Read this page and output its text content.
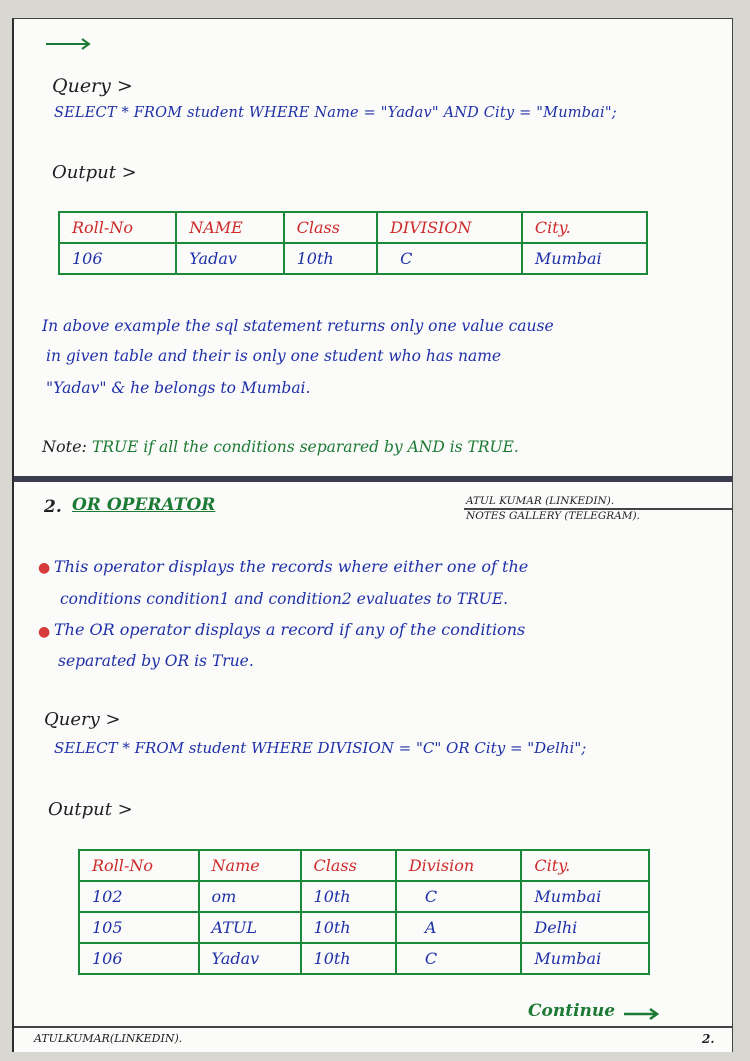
Query >
SELECT * FROM student WHERE Name = "Yadav" AND City = "Mumbai";
Output >
Roll-No	NAME	Class	DIVISION	City.
106	Yadav	10th	C	Mumbai
In above example the sql statement returns only one value cause
in given table and their is only one student who has name
"Yadav" & he belongs to Mumbai.
Note: TRUE if all the conditions separared by AND is TRUE.
2. OR OPERATOR	ATUL KUMAR (LINKEDIN).
NOTES GALLERY (TELEGRAM).
● This operator displays the records where either one of the
conditions condition1 and condition2 evaluates to TRUE.
● The OR operator displays a record if any of the conditions
separated by OR is True.
Query >
SELECT * FROM student WHERE DIVISION = "C" OR City = "Delhi";
Output >
Roll-No	Name	Class	Division	City.
102	om	10th	C	Mumbai
105	ATUL	10th	A	Delhi
106	Yadav	10th	C	Mumbai
Continue
ATULKUMAR(LINKEDIN).	2.
